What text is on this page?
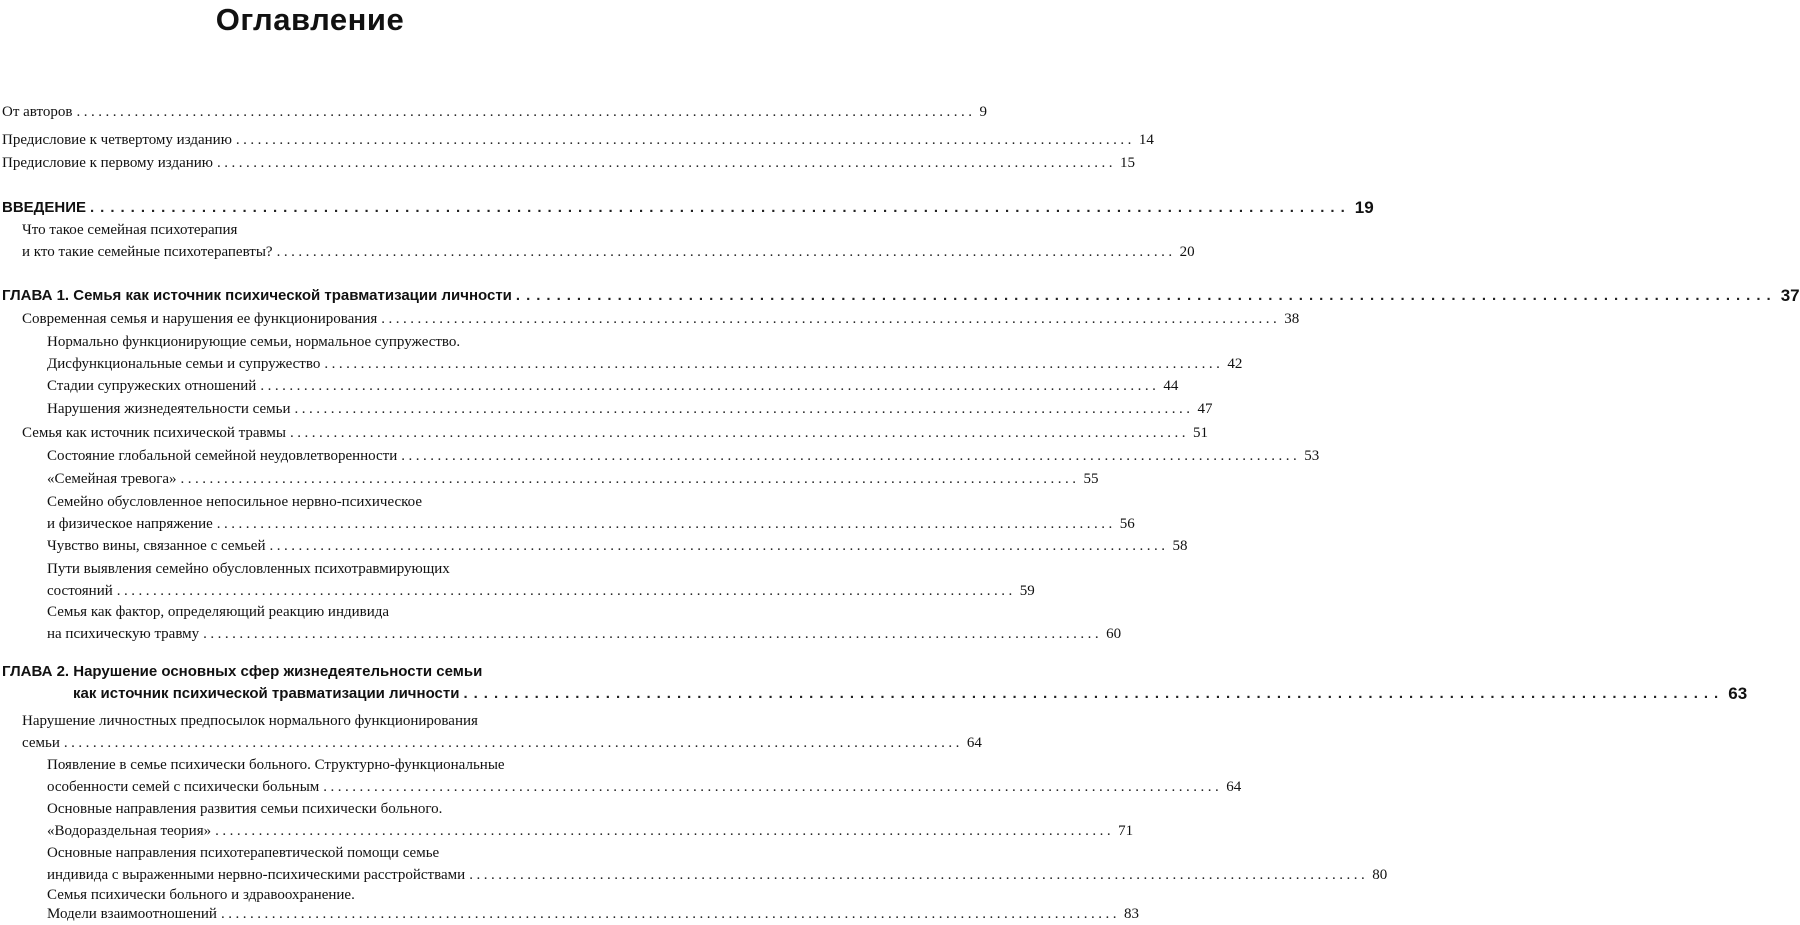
Оглавление
От авторов ............................................................................................................................ 9
Предисловие к четвертому изданию ............................................................................................................................ 14
Предисловие к первому изданию ............................................................................................................................ 15
ВВЕДЕНИЕ ............................................................................................................................ 19
Что такое семейная психотерапия
и кто такие семейные психотерапевты? ............................................................................................................................ 20
ГЛАВА 1. Семья как источник психической травматизации личности ............................................................................................................................ 37
Современная семья и нарушения ее функционирования ............................................................................................................................ 38
Нормально функционирующие семьи, нормальное супружество.
Дисфункциональные семьи и супружество ............................................................................................................................ 42
Стадии супружеских отношений ............................................................................................................................ 44
Нарушения жизнедеятельности семьи ............................................................................................................................ 47
Семья как источник психической травмы ............................................................................................................................ 51
Состояние глобальной семейной неудовлетворенности ............................................................................................................................ 53
«Семейная тревога» ............................................................................................................................ 55
Семейно обусловленное непосильное нервно-психическое
и физическое напряжение ............................................................................................................................ 56
Чувство вины, связанное с семьей ............................................................................................................................ 58
Пути выявления семейно обусловленных психотравмирующих
состояний ............................................................................................................................ 59
Семья как фактор, определяющий реакцию индивида
на психическую травму ............................................................................................................................ 60
ГЛАВА 2. Нарушение основных сфер жизнедеятельности семьи
как источник психической травматизации личности ............................................................................................................................ 63
Нарушение личностных предпосылок нормального функционирования
семьи ............................................................................................................................ 64
Появление в семье психически больного. Структурно-функциональные
особенности семей с психически больным ............................................................................................................................ 64
Основные направления развития семьи психически больного.
«Водораздельная теория» ............................................................................................................................ 71
Основные направления психотерапевтической помощи семье
индивида с выраженными нервно-психическими расстройствами ............................................................................................................................ 80
Семья психически больного и здравоохранение.
Модели взаимоотношений ............................................................................................................................ 83
